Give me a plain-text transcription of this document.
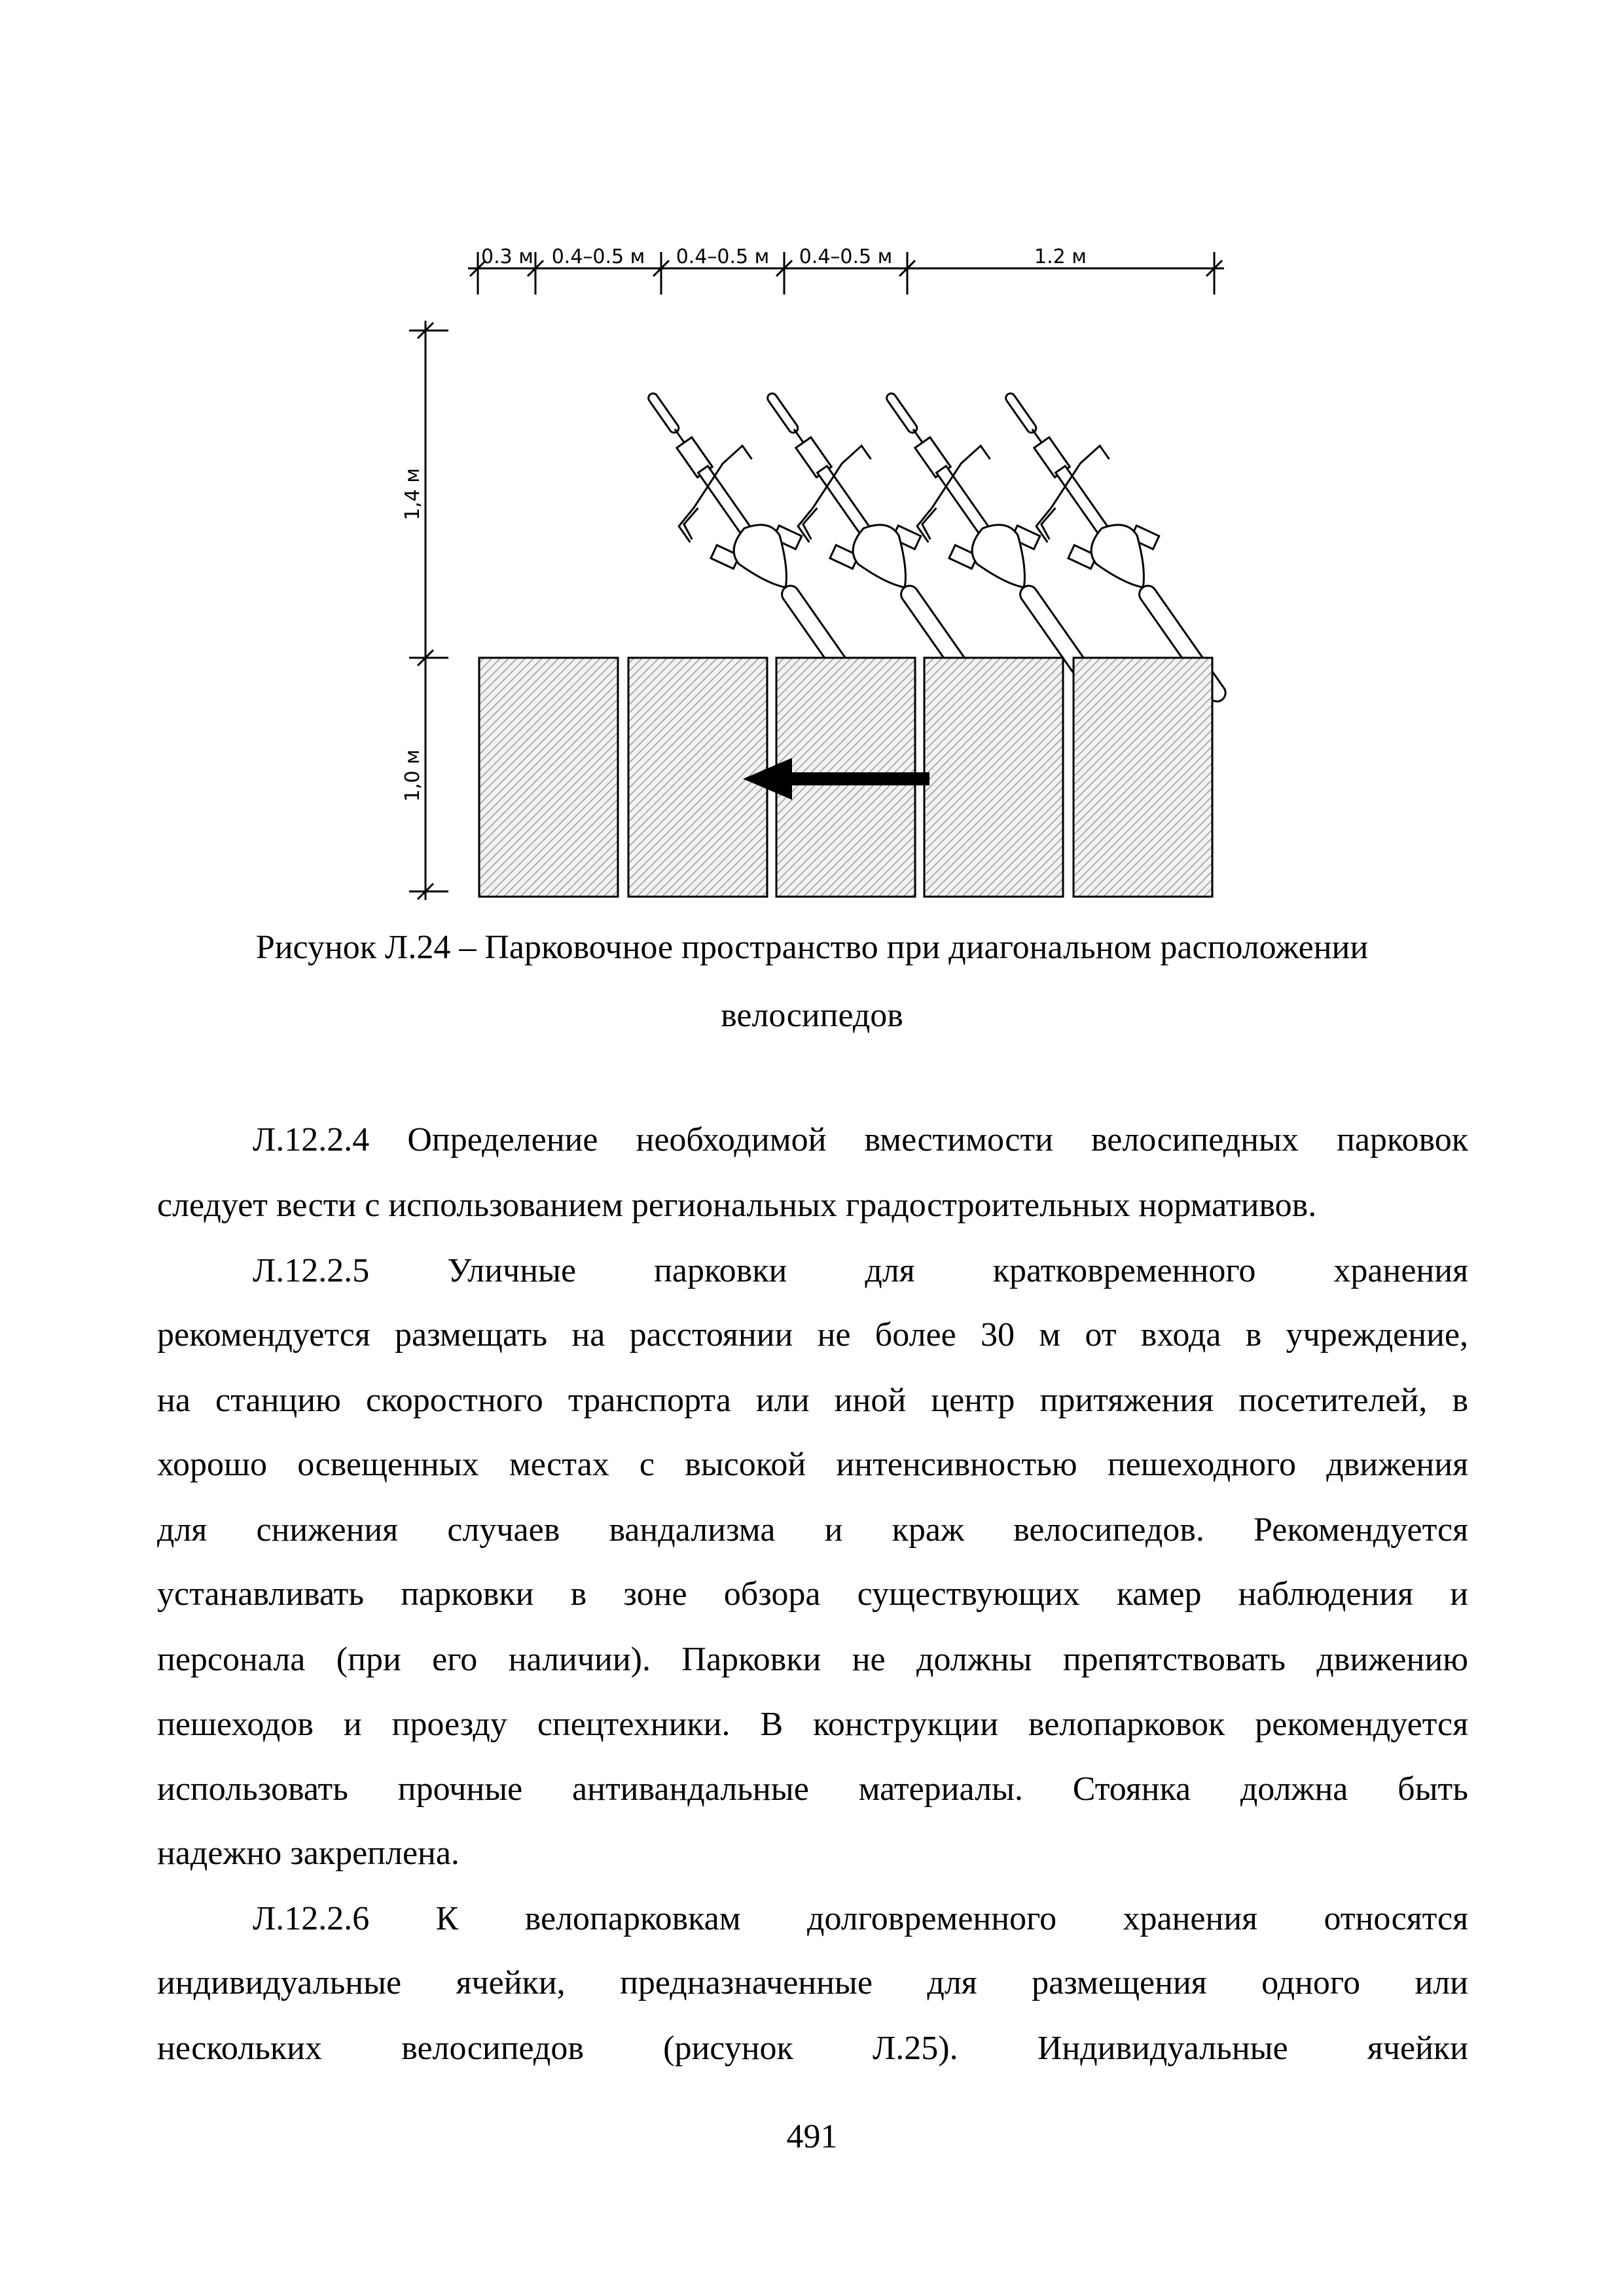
0.3 м 0.4–0.5 м 0.4–0.5 м 0.4–0.5 м	1.2 м
1,4 м
1,0 м
Рисунок Л.24 – Парковочное пространство при диагональном расположении
велосипедов
Л.12.2.4 Определение необходимой вместимости велосипедных парковок
следует вести с использованием региональных градостроительных нормативов.
Л.12.2.5 Уличные парковки для кратковременного хранения
рекомендуется размещать на расстоянии не более 30 м от входа в учреждение,
на станцию скоростного транспорта или иной центр притяжения посетителей, в
хорошо освещенных местах с высокой интенсивностью пешеходного движения
для снижения случаев вандализма и краж велосипедов. Рекомендуется
устанавливать парковки в зоне обзора существующих камер наблюдения и
персонала (при его наличии). Парковки не должны препятствовать движению
пешеходов и проезду спецтехники. В конструкции велопарковок рекомендуется
использовать прочные антивандальные материалы. Стоянка должна быть
надежно закреплена.
Л.12.2.6 К велопарковкам долговременного хранения относятся
индивидуальные ячейки, предназначенные для размещения одного или
нескольких велосипедов (рисунок Л.25). Индивидуальные ячейки
491
